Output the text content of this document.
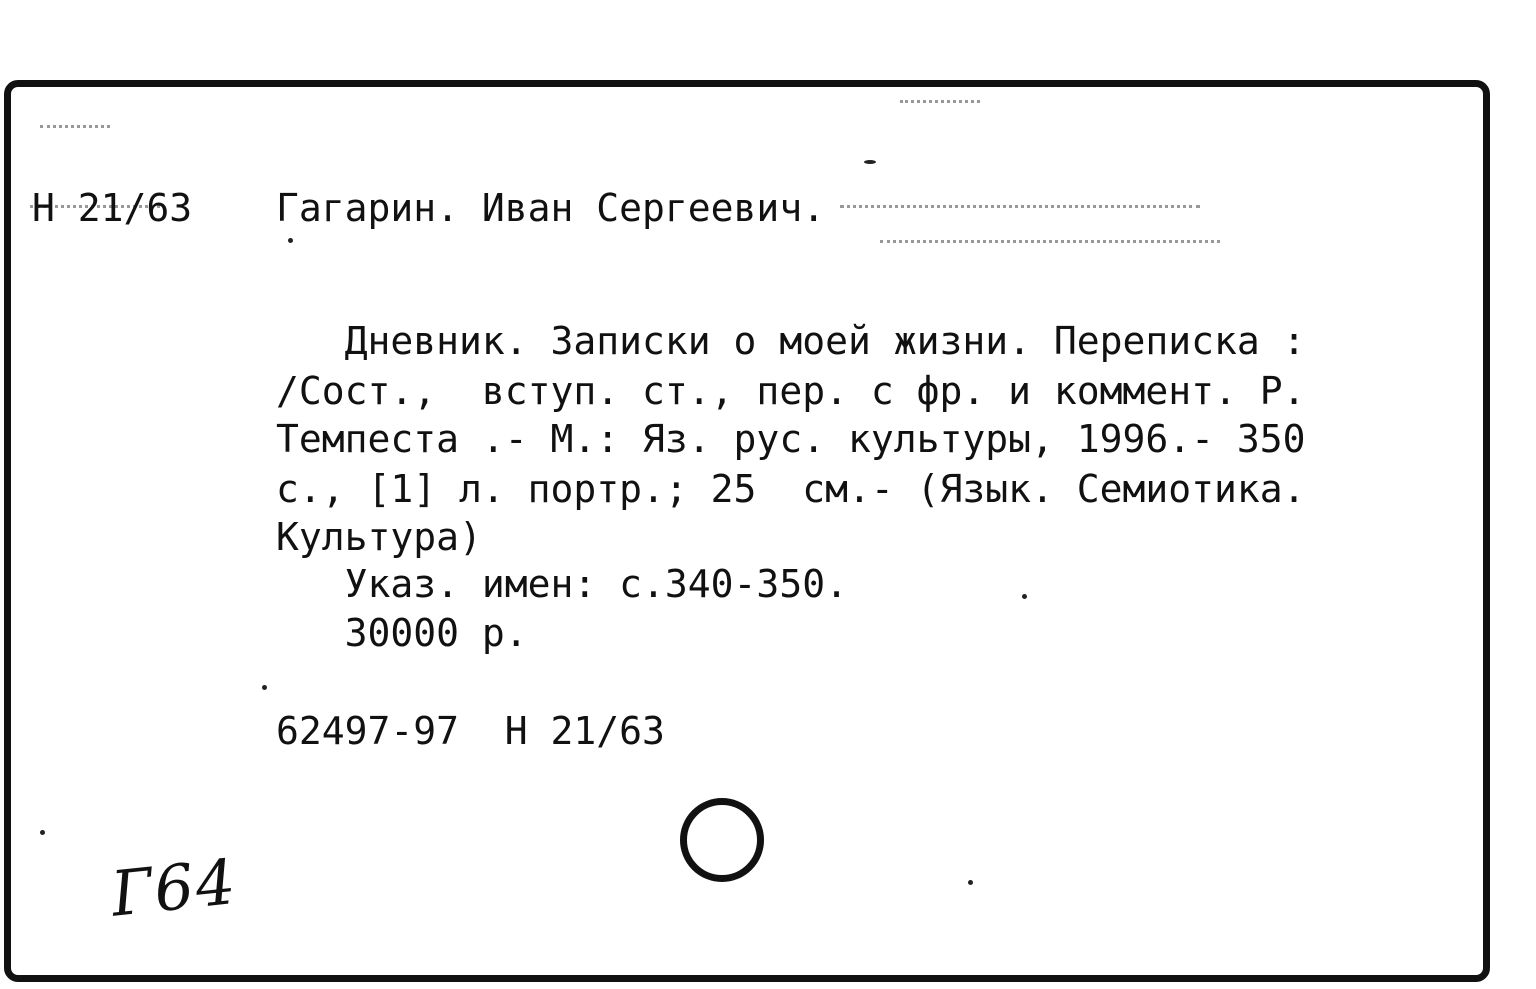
Н 21/63 Гагарин. Иван Сергеевич.
Дневник. Записки о моей жизни. Переписка :
/Сост.,  вступ. ст., пер. с фр. и коммент. Р.
Темпеста .- М.: Яз. рус. культуры, 1996.- 350
с., [1] л. портр.; 25  см.- (Язык. Семиотика.
Культура)
Указ. имен: с.340-350.
30000 р.
62497-97  Н 21/63
Г64
